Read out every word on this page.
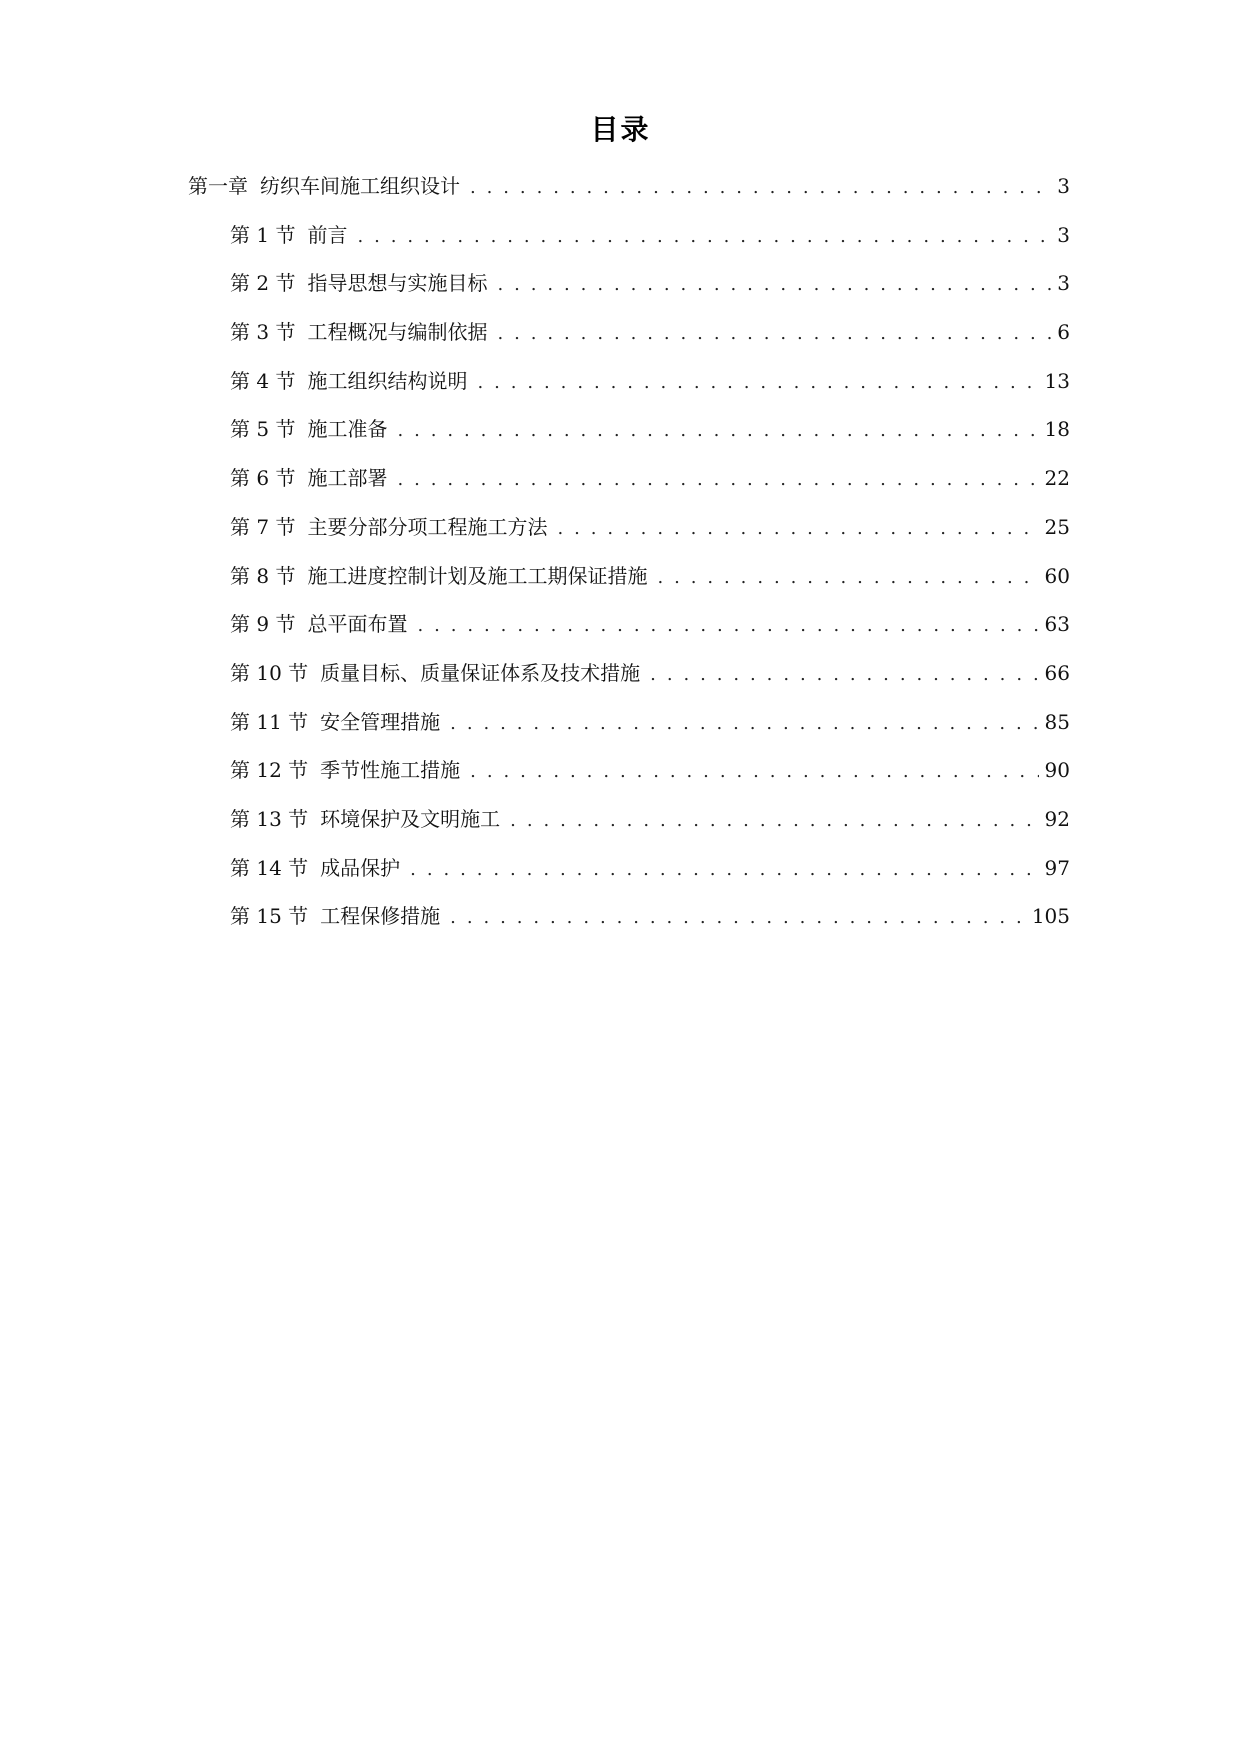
目录
第一章 纺织车间施工组织设计 . . .	3
第 1 节 前言 . . .	3
第 2 节 指导思想与实施目标 . . .	3
第 3 节 工程概况与编制依据 . . .	6
第 4 节 施工组织结构说明 . . .	13
第 5 节 施工准备 . . .	18
第 6 节 施工部署 . . .	22
第 7 节 主要分部分项工程施工方法 . . .	25
第 8 节 施工进度控制计划及施工工期保证措施 . . .	60
第 9 节 总平面布置 . . .	63
第 10 节 质量目标、质量保证体系及技术措施 . . .	66
第 11 节 安全管理措施 . . .	85
第 12 节 季节性施工措施 . . .	90
第 13 节 环境保护及文明施工 . . .	92
第 14 节 成品保护 . . .	97
第 15 节 工程保修措施 . . .	105
